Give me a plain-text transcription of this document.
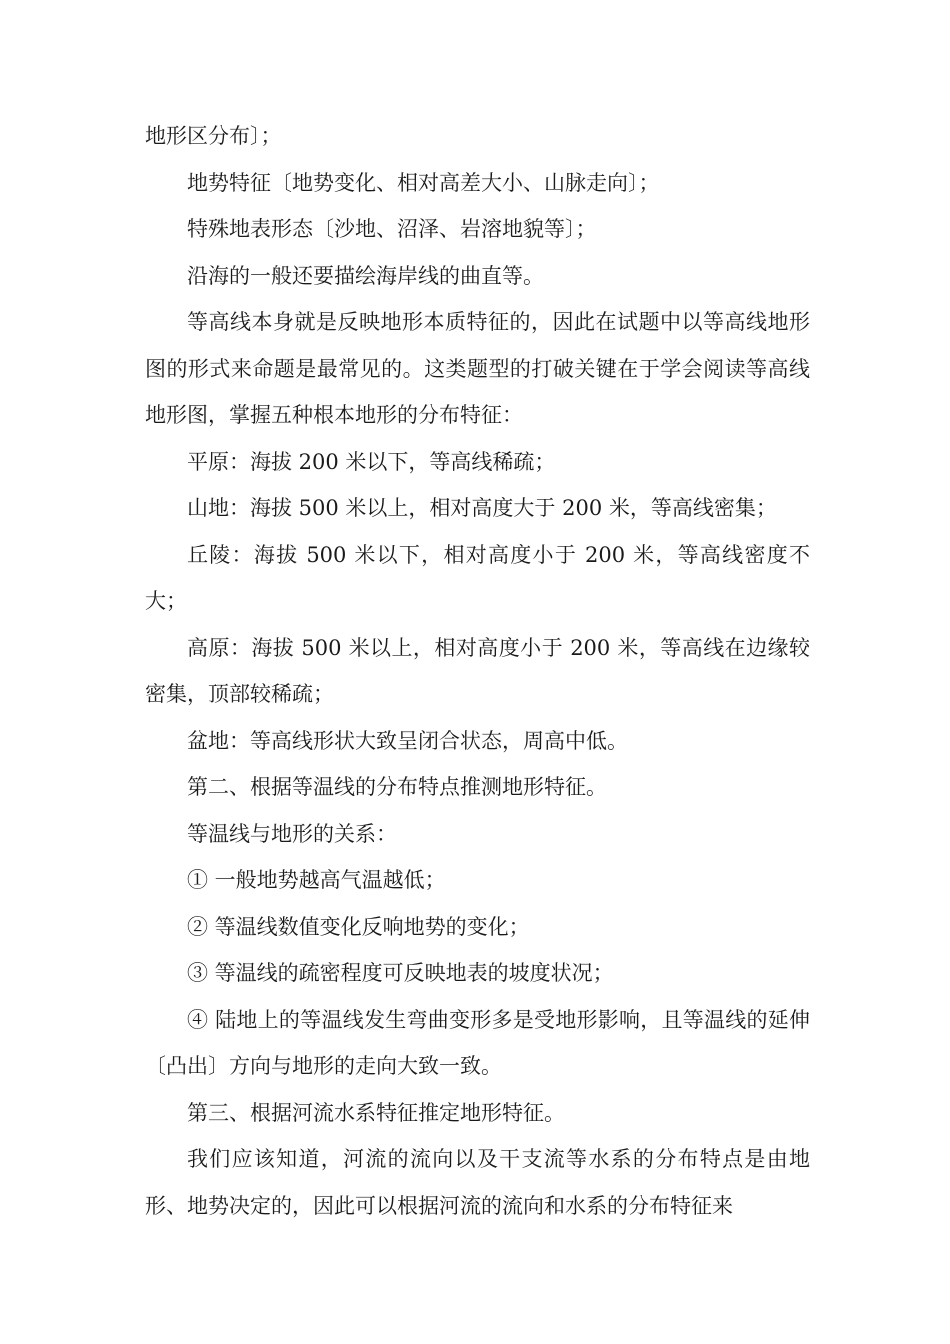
地形区分布〕；

地势特征〔地势变化、相对高差大小、山脉走向〕；

特殊地表形态〔沙地、沼泽、岩溶地貌等〕；

沿海的一般还要描绘海岸线的曲直等。

等高线本身就是反映地形本质特征的，因此在试题中以等高线地形图的形式来命题是最常见的。这类题型的打破关键在于学会阅读等高线地形图，掌握五种根本地形的分布特征：

平原：海拔 200 米以下，等高线稀疏；

山地：海拔 500 米以上，相对高度大于 200 米，等高线密集；

丘陵：海拔 500 米以下，相对高度小于 200 米，等高线密度不大；

高原：海拔 500 米以上，相对高度小于 200 米，等高线在边缘较密集，顶部较稀疏；

盆地：等高线形状大致呈闭合状态，周高中低。

第二、根据等温线的分布特点推测地形特征。

等温线与地形的关系：

① 一般地势越高气温越低；

② 等温线数值变化反响地势的变化；

③ 等温线的疏密程度可反映地表的坡度状况；

④ 陆地上的等温线发生弯曲变形多是受地形影响，且等温线的延伸〔凸出〕方向与地形的走向大致一致。

第三、根据河流水系特征推定地形特征。

我们应该知道，河流的流向以及干支流等水系的分布特点是由地形、地势决定的，因此可以根据河流的流向和水系的分布特征来
